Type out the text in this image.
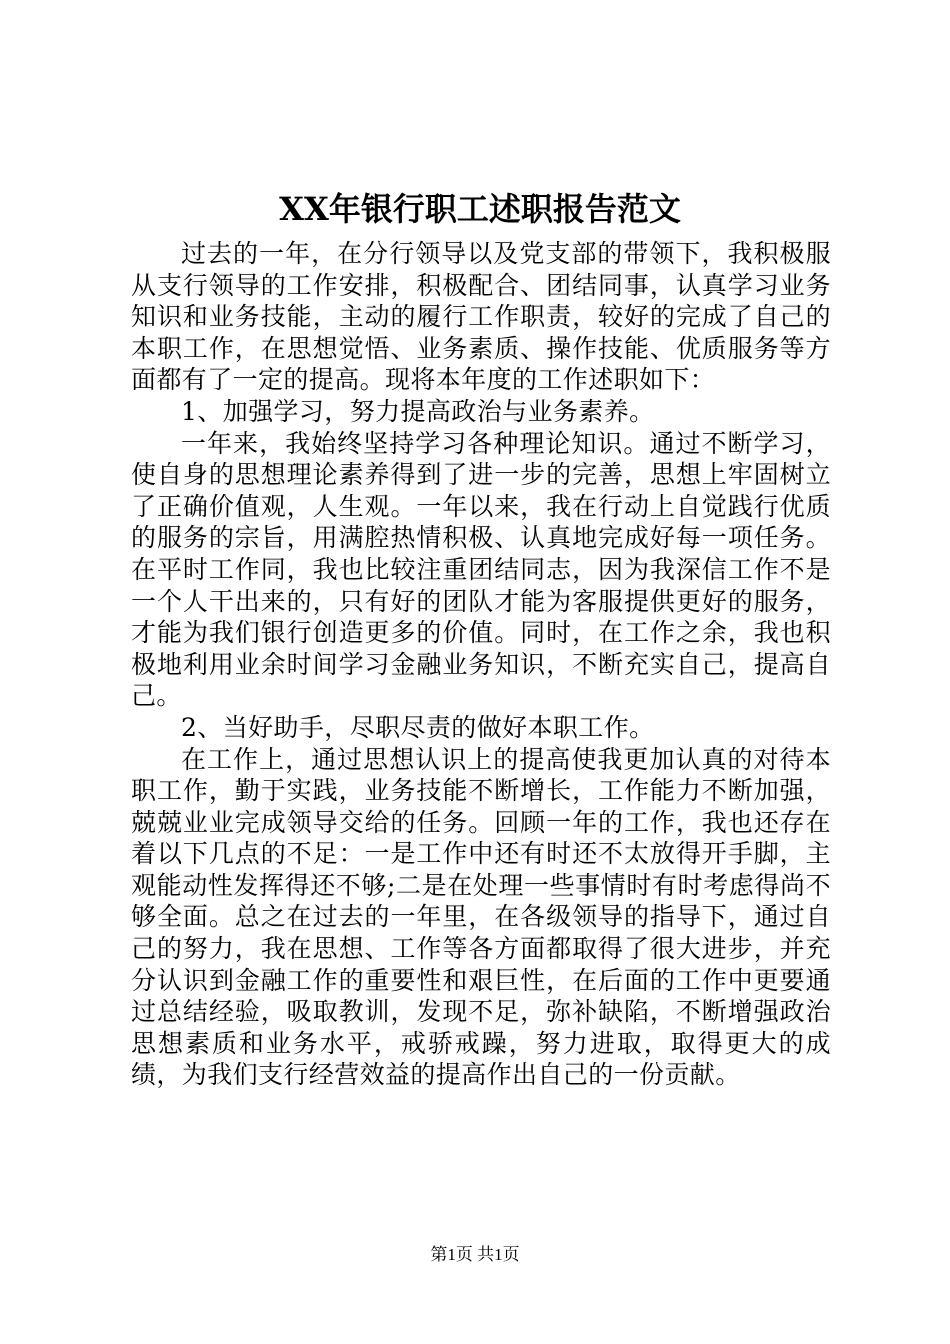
XX年银行职工述职报告范文

过去的一年，在分行领导以及党支部的带领下，我积极服从支行领导的工作安排，积极配合、团结同事，认真学习业务知识和业务技能，主动的履行工作职责，较好的完成了自己的本职工作，在思想觉悟、业务素质、操作技能、优质服务等方面都有了一定的提高。现将本年度的工作述职如下：

1、加强学习，努力提高政治与业务素养。

一年来，我始终坚持学习各种理论知识。通过不断学习，使自身的思想理论素养得到了进一步的完善，思想上牢固树立了正确价值观，人生观。一年以来，我在行动上自觉践行优质的服务的宗旨，用满腔热情积极、认真地完成好每一项任务。在平时工作同，我也比较注重团结同志，因为我深信工作不是一个人干出来的，只有好的团队才能为客服提供更好的服务，才能为我们银行创造更多的价值。同时，在工作之余，我也积极地利用业余时间学习金融业务知识，不断充实自己，提高自己。

2、当好助手，尽职尽责的做好本职工作。

在工作上，通过思想认识上的提高使我更加认真的对待本职工作，勤于实践，业务技能不断增长，工作能力不断加强，兢兢业业完成领导交给的任务。回顾一年的工作，我也还存在着以下几点的不足：一是工作中还有时还不太放得开手脚，主观能动性发挥得还不够;二是在处理一些事情时有时考虑得尚不够全面。总之在过去的一年里，在各级领导的指导下，通过自己的努力，我在思想、工作等各方面都取得了很大进步，并充分认识到金融工作的重要性和艰巨性，在后面的工作中更要通过总结经验，吸取教训，发现不足，弥补缺陷，不断增强政治思想素质和业务水平，戒骄戒躁，努力进取，取得更大的成绩，为我们支行经营效益的提高作出自己的一份贡献。

第1页 共1页
